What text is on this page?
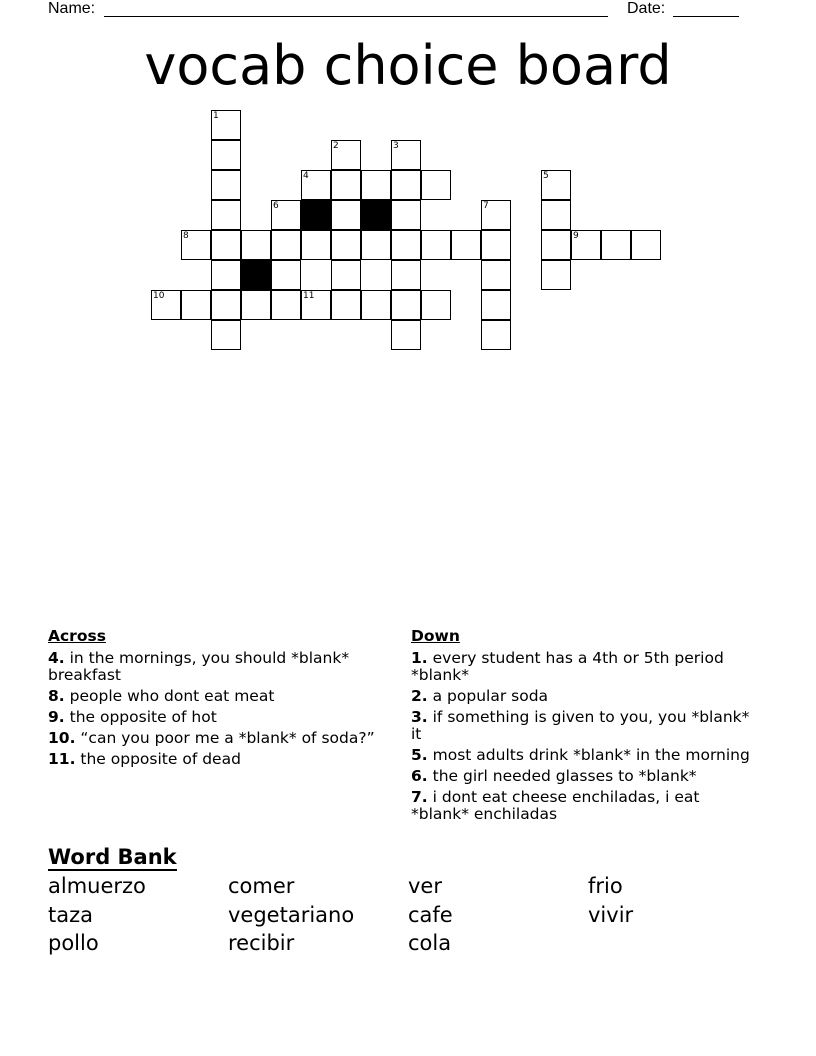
Name:	Date:
vocab choice board
1
2	3
4	5
6	7
8	9
10	11
Across
4. in the mornings, you should *blank* breakfast
8. people who dont eat meat
9. the opposite of hot
10. “can you poor me a *blank* of soda?”
11. the opposite of dead
Down
1. every student has a 4th or 5th period *blank*
2. a popular soda
3. if something is given to you, you *blank* it
5. most adults drink *blank* in the morning
6. the girl needed glasses to *blank*
7. i dont eat cheese enchiladas, i eat *blank* enchiladas
Word Bank
almuerzo	comer	ver	frio
taza	vegetariano	cafe	vivir
pollo	recibir	cola
